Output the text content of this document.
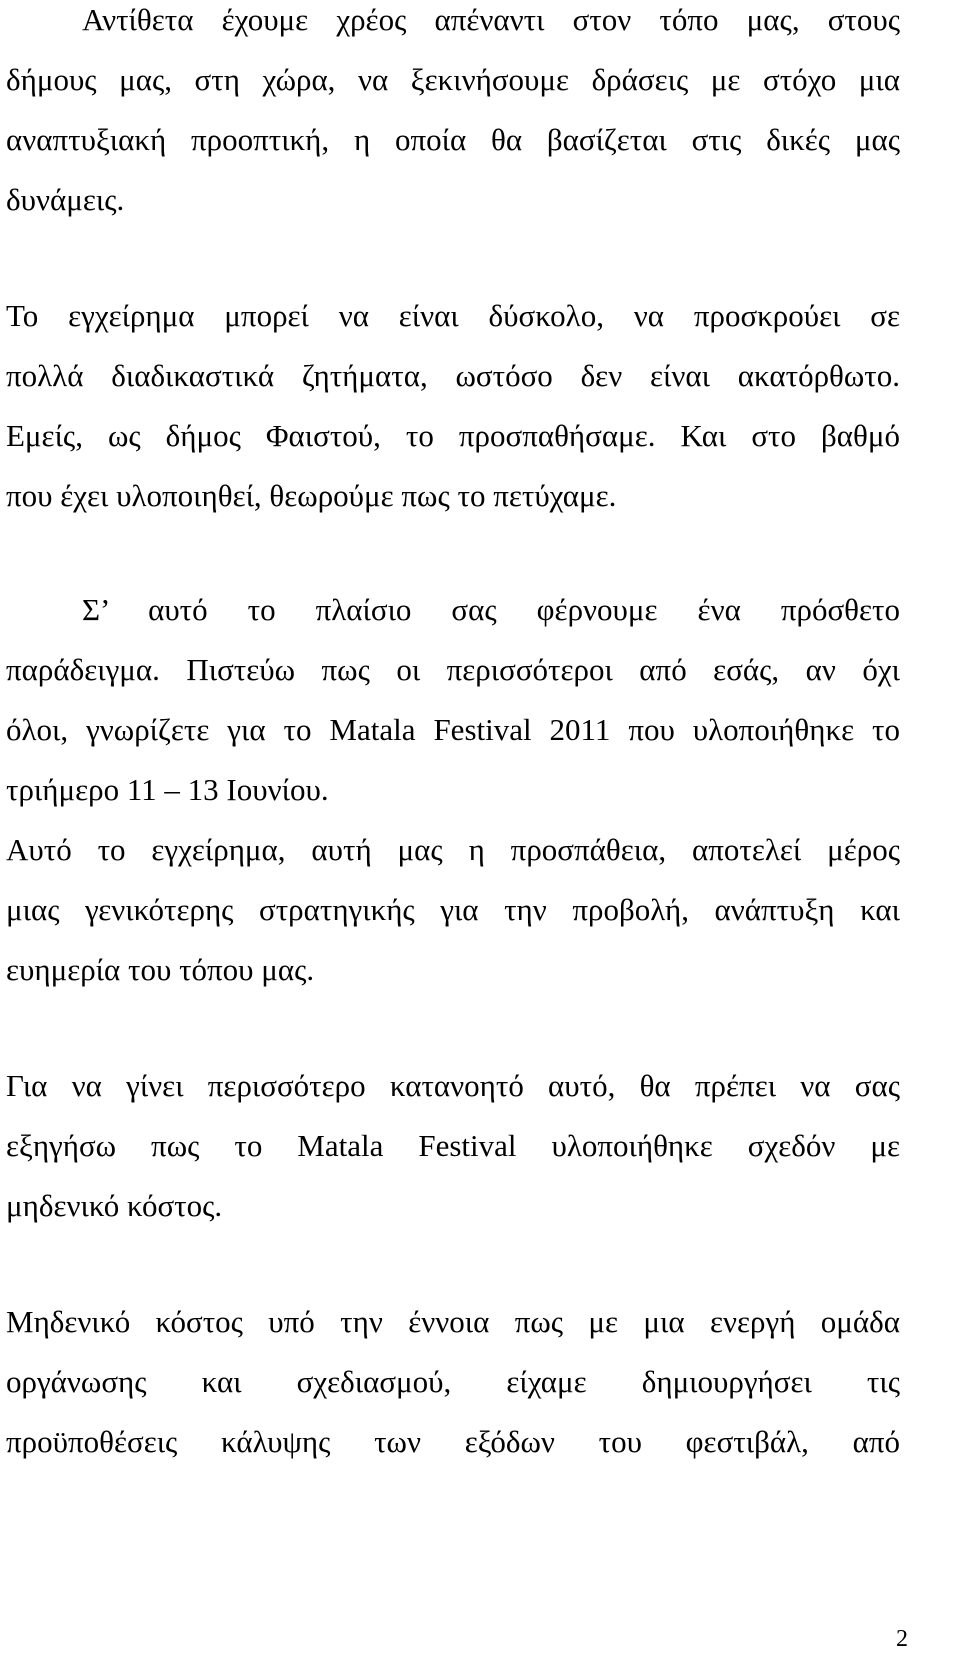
Αντίθετα έχουμε χρέος απέναντι στον τόπο μας, στους
δήμους μας, στη χώρα, να ξεκινήσουμε δράσεις με στόχο μια
αναπτυξιακή προοπτική, η οποία θα βασίζεται στις δικές μας
δυνάμεις.
Το εγχείρημα μπορεί να είναι δύσκολο, να προσκρούει σε
πολλά διαδικαστικά ζητήματα, ωστόσο δεν είναι ακατόρθωτο.
Εμείς, ως δήμος Φαιστού, το προσπαθήσαμε. Και στο βαθμό
που έχει υλοποιηθεί, θεωρούμε πως το πετύχαμε.
Σ’ αυτό το πλαίσιο σας φέρνουμε ένα πρόσθετο
παράδειγμα. Πιστεύω πως οι περισσότεροι από εσάς, αν όχι
όλοι, γνωρίζετε για το Matala Festival 2011 που υλοποιήθηκε το
τριήμερο 11 – 13 Ιουνίου.
Αυτό το εγχείρημα, αυτή μας η προσπάθεια, αποτελεί μέρος
μιας γενικότερης στρατηγικής για την προβολή, ανάπτυξη και
ευημερία του τόπου μας.
Για να γίνει περισσότερο κατανοητό αυτό, θα πρέπει να σας
εξηγήσω πως το Matala Festival υλοποιήθηκε σχεδόν με
μηδενικό κόστος.
Μηδενικό κόστος υπό την έννοια πως με μια ενεργή ομάδα
οργάνωσης και σχεδιασμού, είχαμε δημιουργήσει τις
προϋποθέσεις κάλυψης των εξόδων του φεστιβάλ, από
2
